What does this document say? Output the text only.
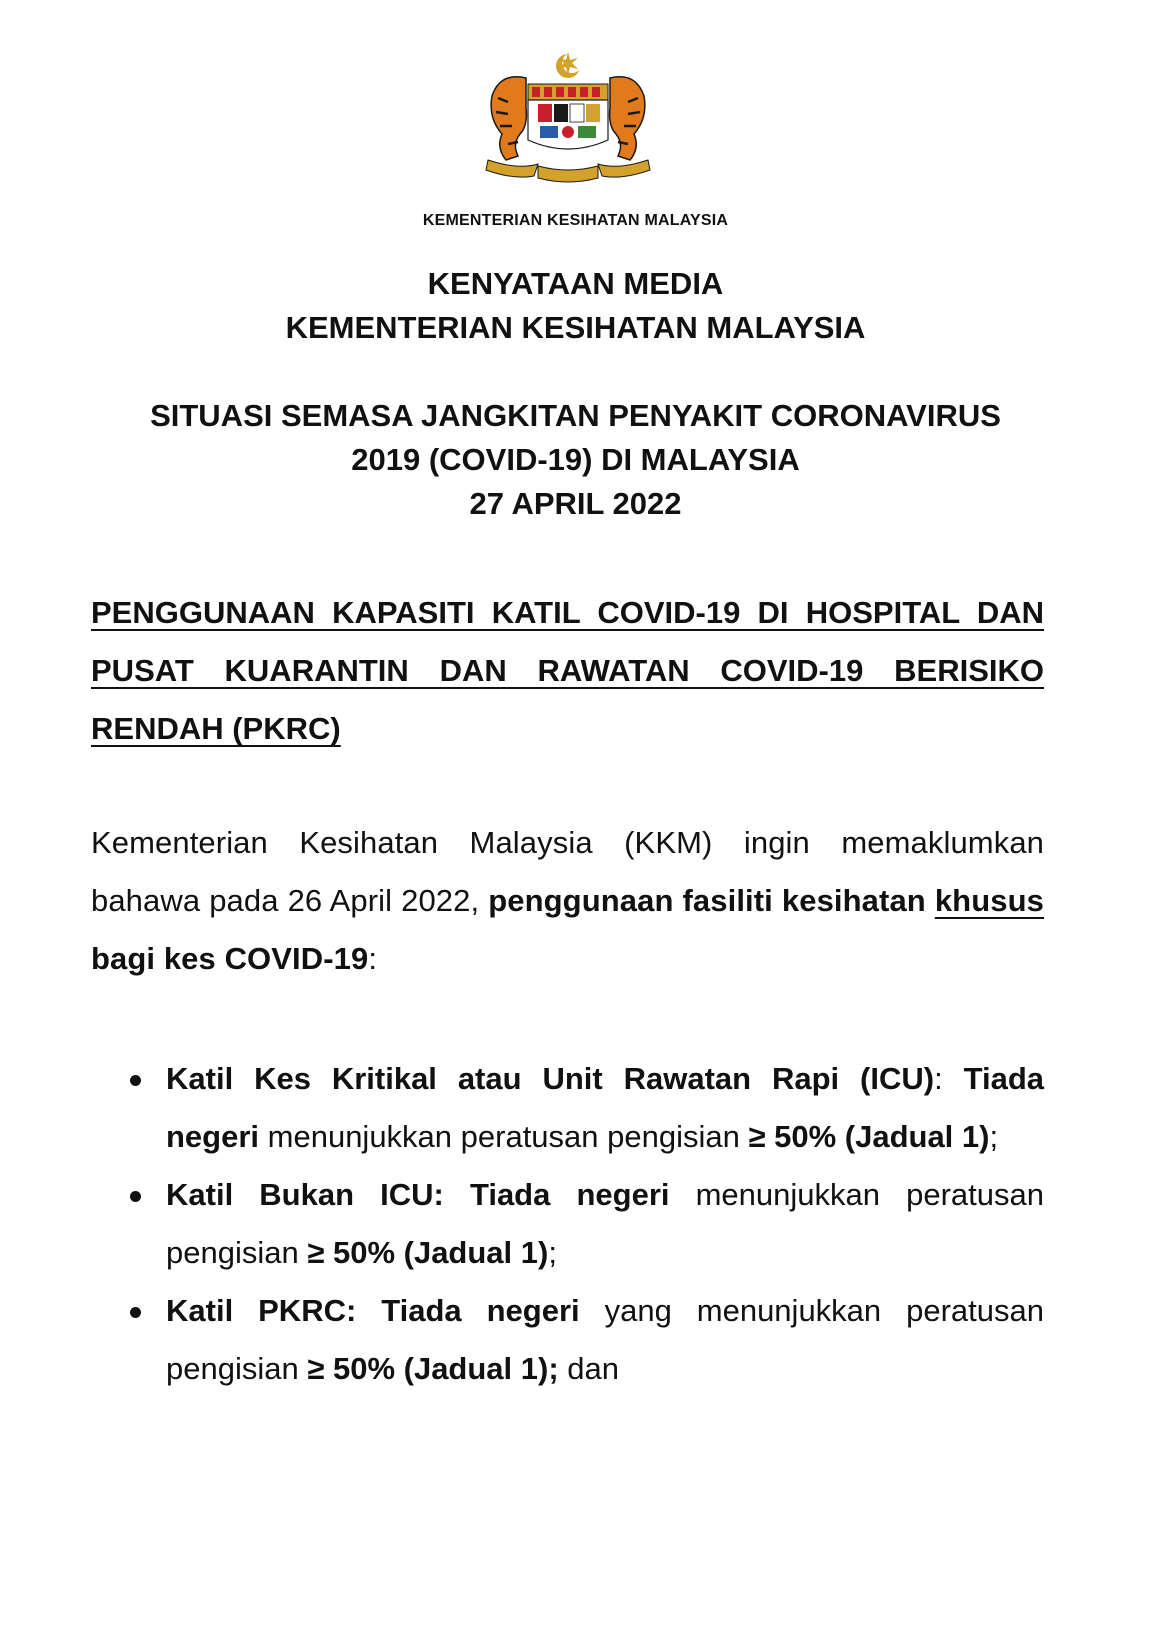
KEMENTERIAN KESIHATAN MALAYSIA
KENYATAAN MEDIA
KEMENTERIAN KESIHATAN MALAYSIA
SITUASI SEMASA JANGKITAN PENYAKIT CORONAVIRUS
2019 (COVID-19) DI MALAYSIA
27 APRIL 2022
PENGGUNAAN KAPASITI KATIL COVID-19 DI HOSPITAL DAN PUSAT KUARANTIN DAN RAWATAN COVID-19 BERISIKO RENDAH (PKRC)
Kementerian Kesihatan Malaysia (KKM) ingin memaklumkan bahawa pada 26 April 2022, penggunaan fasiliti kesihatan khusus bagi kes COVID-19:
Katil Kes Kritikal atau Unit Rawatan Rapi (ICU): Tiada negeri menunjukkan peratusan pengisian ≥ 50% (Jadual 1);
Katil Bukan ICU: Tiada negeri menunjukkan peratusan pengisian ≥ 50% (Jadual 1);
Katil PKRC: Tiada negeri yang menunjukkan peratusan pengisian ≥ 50% (Jadual 1); dan
